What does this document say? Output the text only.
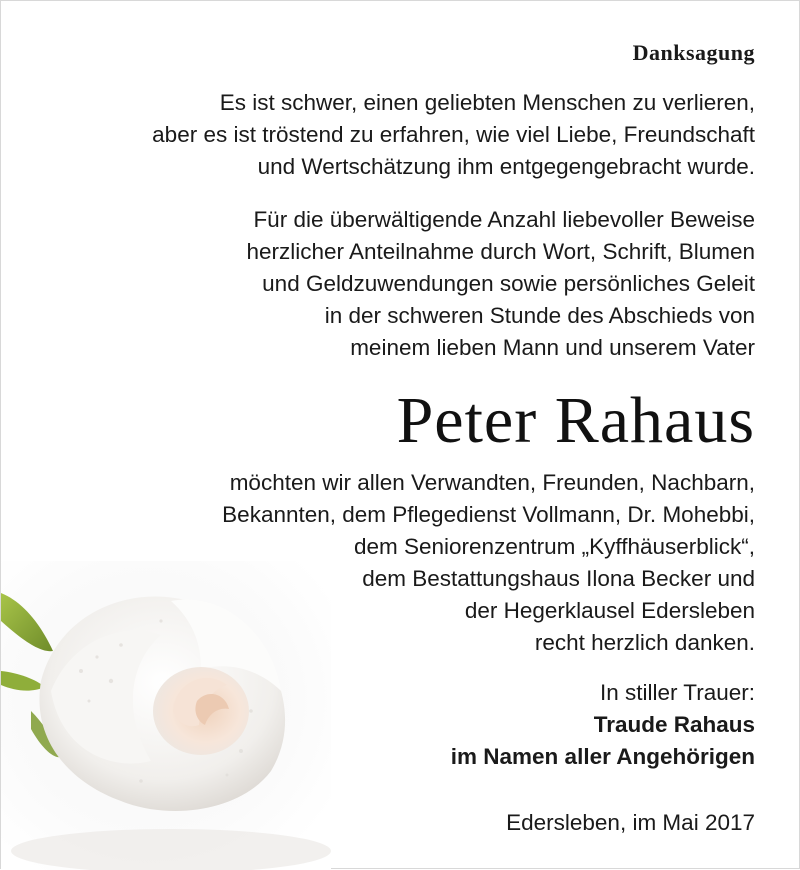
Danksagung
Es ist schwer, einen geliebten Menschen zu verlieren,
aber es ist tröstend zu erfahren, wie viel Liebe, Freundschaft
und Wertschätzung ihm entgegengebracht wurde.
Für die überwältigende Anzahl liebevoller Beweise
herzlicher Anteilnahme durch Wort, Schrift, Blumen
und Geldzuwendungen sowie persönliches Geleit
in der schweren Stunde des Abschieds von
meinem lieben Mann und unserem Vater
Peter Rahaus
möchten wir allen Verwandten, Freunden, Nachbarn,
Bekannten, dem Pflegedienst Vollmann, Dr. Mohebbi,
dem Seniorenzentrum „Kyffhäuserblick“,
dem Bestattungshaus Ilona Becker und
der Hegerklausel Edersleben
recht herzlich danken.
In stiller Trauer:
Traude Rahaus
im Namen aller Angehörigen
Edersleben, im Mai 2017
